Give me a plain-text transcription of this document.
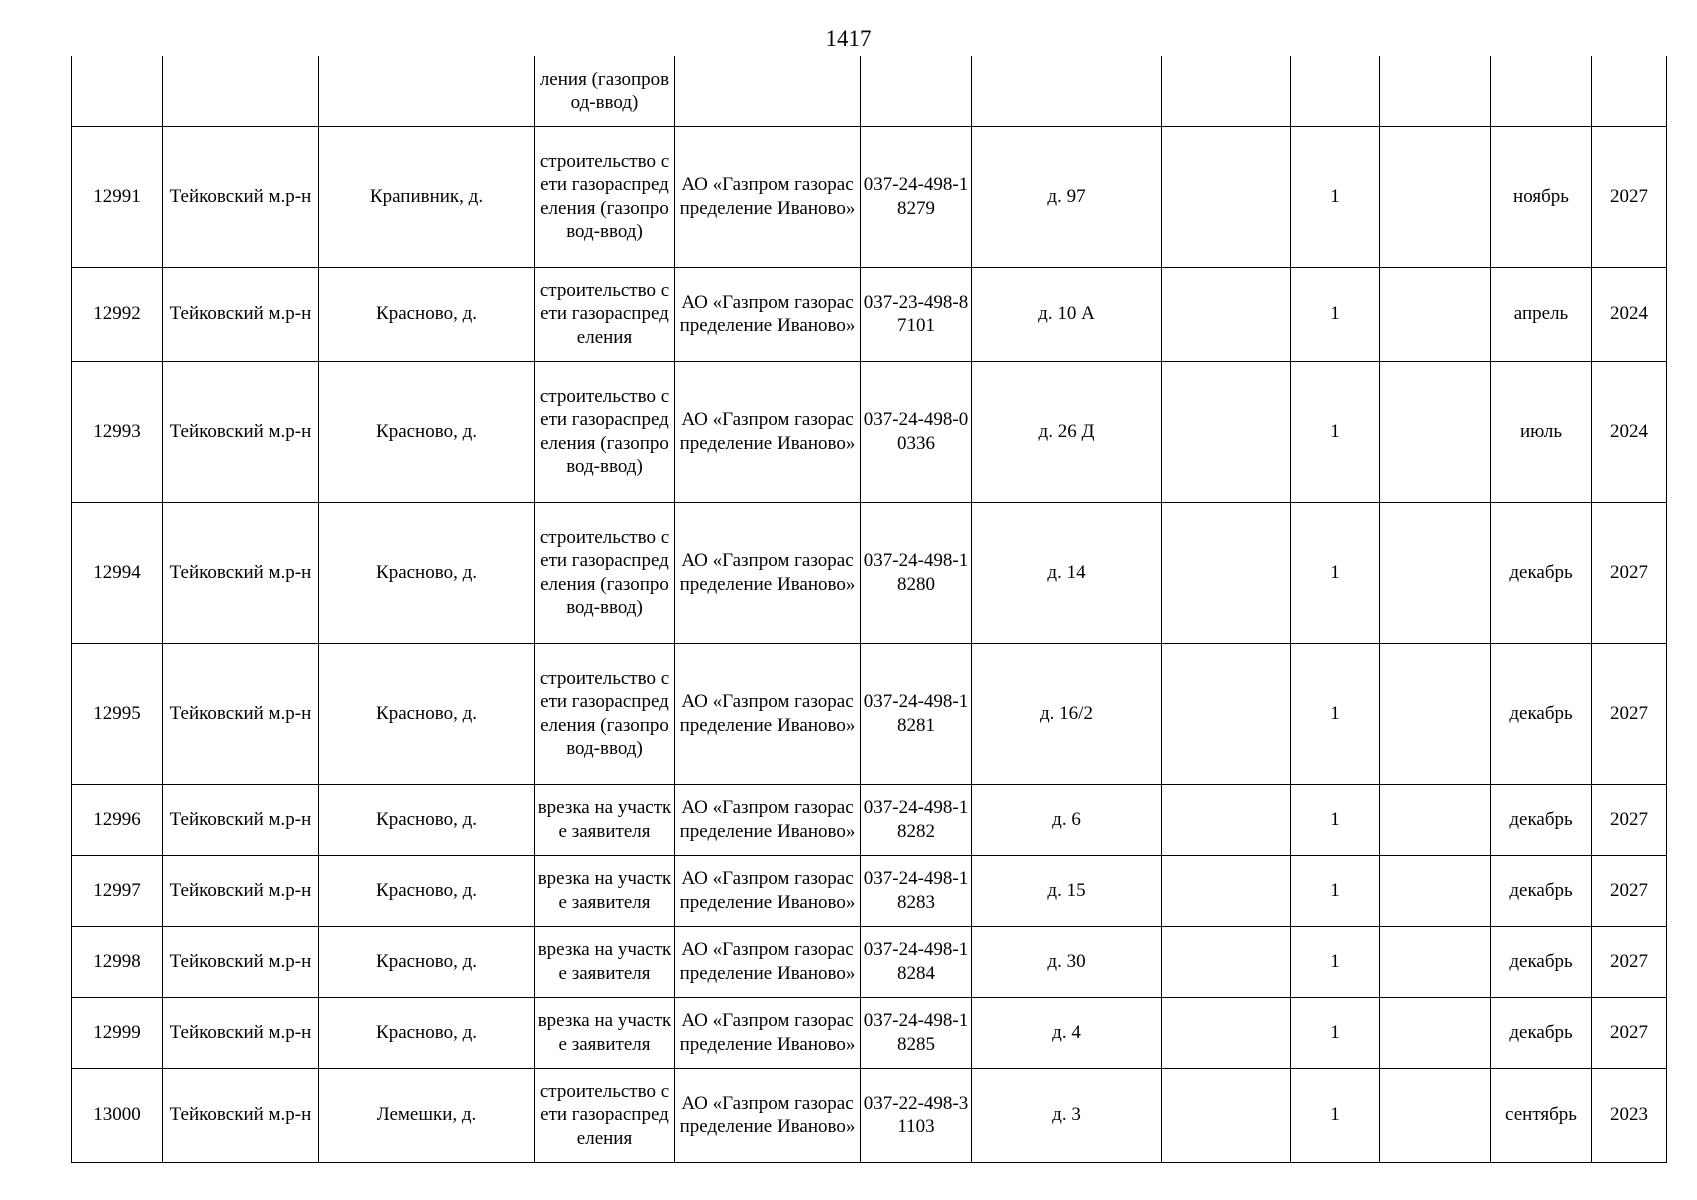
1417
			ления (газопровод-ввод)								
12991	Тейковский м.р-н	Крапивник, д.	строительство сети газораспределения (газопровод-ввод)	АО «Газпром газораспределение Иваново»	037-24-498-18279	д. 97		1		ноябрь	2027
12992	Тейковский м.р-н	Красново, д.	строительство сети газораспределения	АО «Газпром газораспределение Иваново»	037-23-498-87101	д. 10 А		1		апрель	2024
12993	Тейковский м.р-н	Красново, д.	строительство сети газораспределения (газопровод-ввод)	АО «Газпром газораспределение Иваново»	037-24-498-00336	д. 26 Д		1		июль	2024
12994	Тейковский м.р-н	Красново, д.	строительство сети газораспределения (газопровод-ввод)	АО «Газпром газораспределение Иваново»	037-24-498-18280	д. 14		1		декабрь	2027
12995	Тейковский м.р-н	Красново, д.	строительство сети газораспределения (газопровод-ввод)	АО «Газпром газораспределение Иваново»	037-24-498-18281	д. 16/2		1		декабрь	2027
12996	Тейковский м.р-н	Красново, д.	врезка на участке заявителя	АО «Газпром газораспределение Иваново»	037-24-498-18282	д. 6		1		декабрь	2027
12997	Тейковский м.р-н	Красново, д.	врезка на участке заявителя	АО «Газпром газораспределение Иваново»	037-24-498-18283	д. 15		1		декабрь	2027
12998	Тейковский м.р-н	Красново, д.	врезка на участке заявителя	АО «Газпром газораспределение Иваново»	037-24-498-18284	д. 30		1		декабрь	2027
12999	Тейковский м.р-н	Красново, д.	врезка на участке заявителя	АО «Газпром газораспределение Иваново»	037-24-498-18285	д. 4		1		декабрь	2027
13000	Тейковский м.р-н	Лемешки, д.	строительство сети газораспределения	АО «Газпром газораспределение Иваново»	037-22-498-31103	д. 3		1		сентябрь	2023
